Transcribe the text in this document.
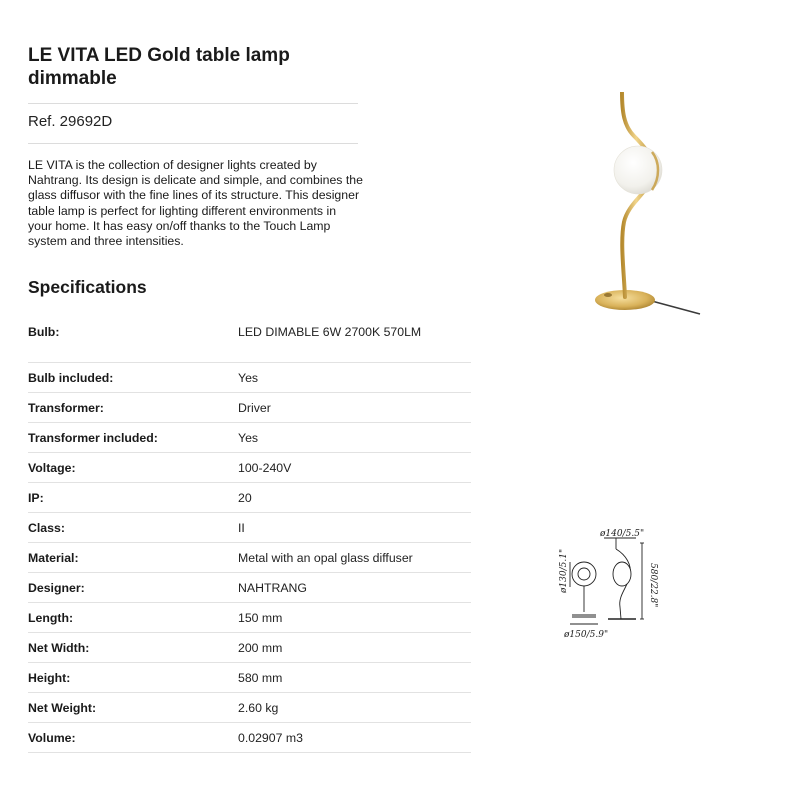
LE VITA LED Gold table lamp dimmable
Ref. 29692D

LE VITA is the collection of designer lights created by Nahtrang. Its design is delicate and simple, and combines the glass diffusor with the fine lines of its structure. This designer table lamp is perfect for lighting different environments in your home. It has easy on/off thanks to the Touch Lamp system and three intensities.

Specifications
Bulb:	LED DIMABLE 6W 2700K 570LM
Bulb included:	Yes
Transformer:	Driver
Transformer included:	Yes
Voltage:	100-240V
IP:	20
Class:	II
Material:	Metal with an opal glass diffuser
Designer:	NAHTRANG
Length:	150 mm
Net Width:	200 mm
Height:	580 mm
Net Weight:	2.60 kg
Volume:	0.02907 m3
ø140/5.5"
580/22.8"
ø130/5.1"
ø150/5.9"
